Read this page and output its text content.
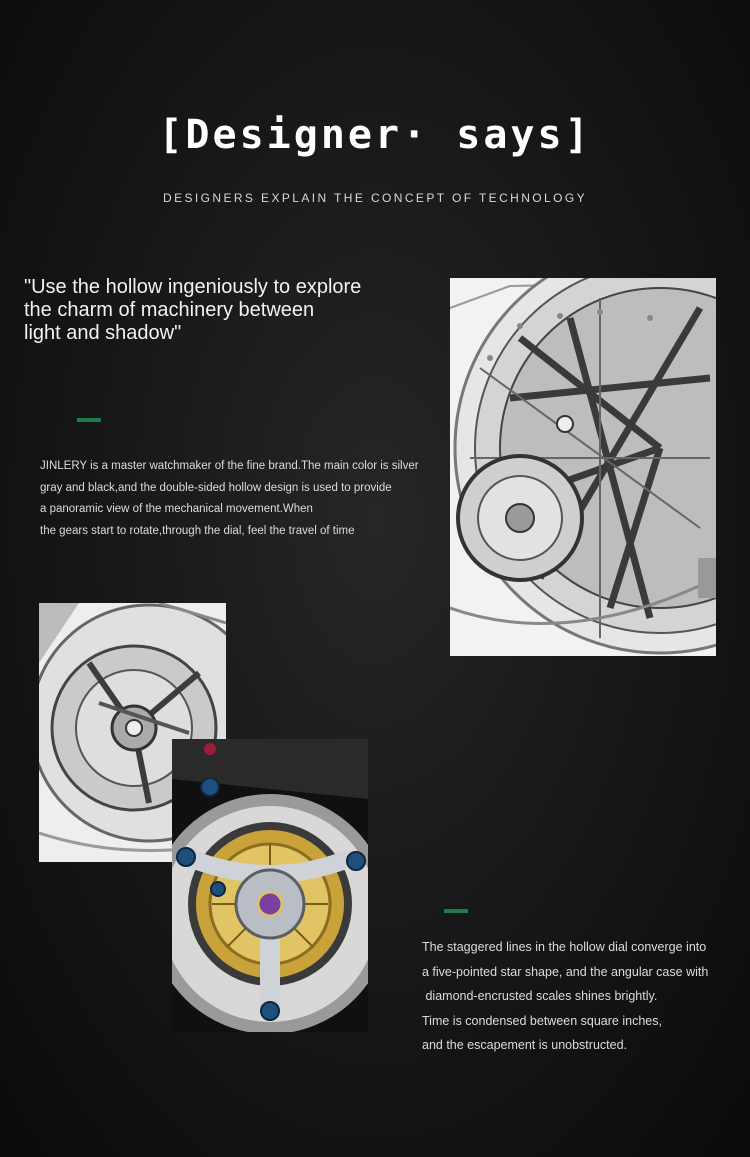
[Designer· says]
DESIGNERS EXPLAIN THE CONCEPT OF TECHNOLOGY
"Use the hollow ingeniously to explore
the charm of machinery between
light and shadow"
JINLERY is a master watchmaker of the fine brand.The main color is silver
gray and black,and the double-sided hollow design is used to provide
a panoramic view of the mechanical movement.When
the gears start to rotate,through the dial, feel the travel of time
The staggered lines in the hollow dial converge into
a five-pointed star shape, and the angular case with
diamond-encrusted scales shines brightly.
Time is condensed between square inches,
and the escapement is unobstructed.
